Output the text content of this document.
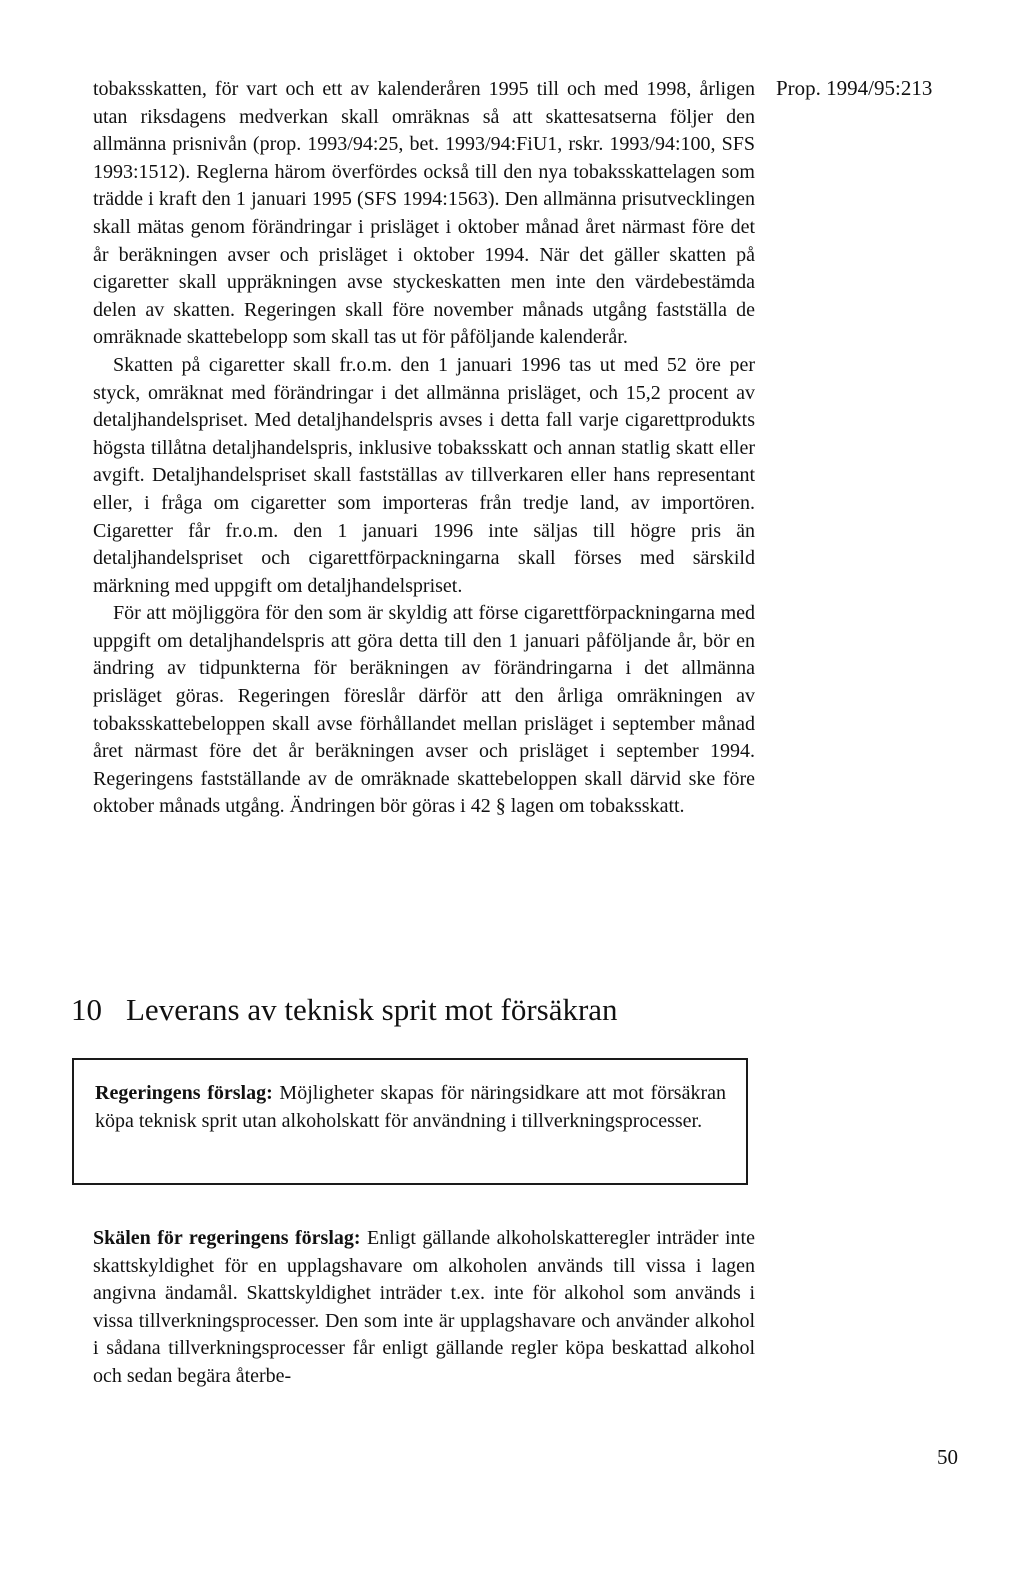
Prop. 1994/95:213

tobaksskatten, för vart och ett av kalenderåren 1995 till och med 1998, årligen utan riksdagens medverkan skall omräknas så att skattesatserna följer den allmänna prisnivån (prop. 1993/94:25, bet. 1993/94:FiU1, rskr. 1993/94:100, SFS 1993:1512). Reglerna härom överfördes också till den nya tobaksskattelagen som trädde i kraft den 1 januari 1995 (SFS 1994:1563). Den allmänna prisutvecklingen skall mätas genom förändringar i prisläget i oktober månad året närmast före det år beräkningen avser och prisläget i oktober 1994. När det gäller skatten på cigaretter skall uppräkningen avse styckeskatten men inte den värdebestämda delen av skatten. Regeringen skall före november månads utgång fastställa de omräknade skattebelopp som skall tas ut för påföljande kalenderår.

Skatten på cigaretter skall fr.o.m. den 1 januari 1996 tas ut med 52 öre per styck, omräknat med förändringar i det allmänna prisläget, och 15,2 procent av detaljhandelspriset. Med detaljhandelspris avses i detta fall varje cigarettprodukts högsta tillåtna detaljhandelspris, inklusive tobaksskatt och annan statlig skatt eller avgift. Detaljhandelspriset skall fastställas av tillverkaren eller hans representant eller, i fråga om cigaretter som importeras från tredje land, av importören. Cigaretter får fr.o.m. den 1 januari 1996 inte säljas till högre pris än detaljhandelspriset och cigarettförpackningarna skall förses med särskild märkning med uppgift om detaljhandelspriset.

För att möjliggöra för den som är skyldig att förse cigarettförpackningarna med uppgift om detaljhandelspris att göra detta till den 1 januari påföljande år, bör en ändring av tidpunkterna för beräkningen av förändringarna i det allmänna prisläget göras. Regeringen föreslår därför att den årliga omräkningen av tobaksskattebeloppen skall avse förhållandet mellan prisläget i september månad året närmast före det år beräkningen avser och prisläget i september 1994. Regeringens fastställande av de omräknade skattebeloppen skall därvid ske före oktober månads utgång. Ändringen bör göras i 42 § lagen om tobaksskatt.

10 Leverans av teknisk sprit mot försäkran
Regeringens förslag: Möjligheter skapas för näringsidkare att mot försäkran köpa teknisk sprit utan alkoholskatt för användning i tillverkningsprocesser.
Skälen för regeringens förslag: Enligt gällande alkoholskatteregler inträder inte skattskyldighet för en upplagshavare om alkoholen används till vissa i lagen angivna ändamål. Skattskyldighet inträder t.ex. inte för alkohol som används i vissa tillverkningsprocesser. Den som inte är upplagshavare och använder alkohol i sådana tillverkningsprocesser får enligt gällande regler köpa beskattad alkohol och sedan begära återbe-
50
